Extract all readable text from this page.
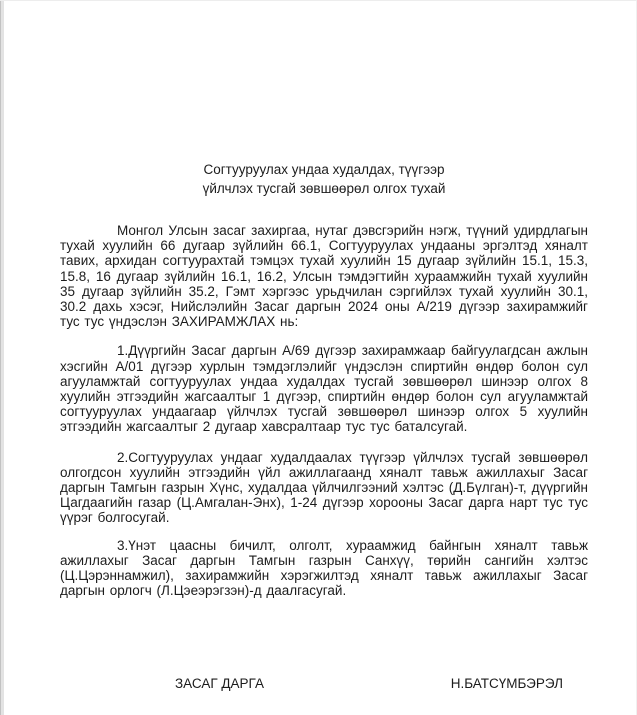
Согтууруулах ундаа худалдах, түүгээр
үйлчлэх тусгай зөвшөөрөл олгох тухай

Монгол Улсын засаг захиргаа, нутаг дэвсгэрийн нэгж, түүний удирдлагын тухай хуулийн 66 дугаар зүйлийн 66.1, Согтууруулах ундааны эргэлтэд хяналт тавих, архидан согтуурахтай тэмцэх тухай хуулийн 15 дугаар зүйлийн 15.1, 15.3, 15.8, 16 дугаар зүйлийн 16.1, 16.2, Улсын тэмдэгтийн хураамжийн тухай хуулийн 35 дугаар зүйлийн 35.2, Гэмт хэргээс урьдчилан сэргийлэх тухай хуулийн 30.1, 30.2 дахь хэсэг, Нийслэлийн Засаг даргын 2024 оны А/219 дүгээр захирамжийг тус тус үндэслэн ЗАХИРАМЖЛАХ нь:

1.Дүүргийн Засаг даргын А/69 дүгээр захирамжаар байгуулагдсан ажлын хэсгийн А/01 дүгээр хурлын тэмдэглэлийг үндэслэн спиртийн өндөр болон сул агууламжтай согтууруулах ундаа худалдах тусгай зөвшөөрөл шинээр олгох 8 хуулийн этгээдийн жагсаалтыг 1 дүгээр, спиртийн өндөр болон сул агууламжтай согтууруулах ундаагаар үйлчлэх тусгай зөвшөөрөл шинээр олгох 5 хуулийн этгээдийн жагсаалтыг 2 дугаар хавсралтаар тус тус баталсугай.

2.Согтууруулах ундааг худалдаалах түүгээр үйлчлэх тусгай зөвшөөрөл олгогдсон хуулийн этгээдийн үйл ажиллагаанд хяналт тавьж ажиллахыг Засаг даргын Тамгын газрын Хүнс, худалдаа үйлчилгээний хэлтэс (Д.Бүлган)-т, дүүргийн Цагдаагийн газар (Ц.Амгалан-Энх), 1-24 дүгээр хорооны Засаг дарга нарт тус тус үүрэг болгосугай.

3.Үнэт цаасны бичилт, олголт, хураамжид байнгын хяналт тавьж ажиллахыг Засаг даргын Тамгын газрын Санхүү, төрийн сангийн хэлтэс (Ц.Цэрэннамжил), захирамжийн хэрэгжилтэд хяналт тавьж ажиллахыг Засаг даргын орлогч (Л.Цэеэрэгзэн)-д даалгасугай.

ЗАСАГ ДАРГА	Н.БАТСҮМБЭРЭЛ
